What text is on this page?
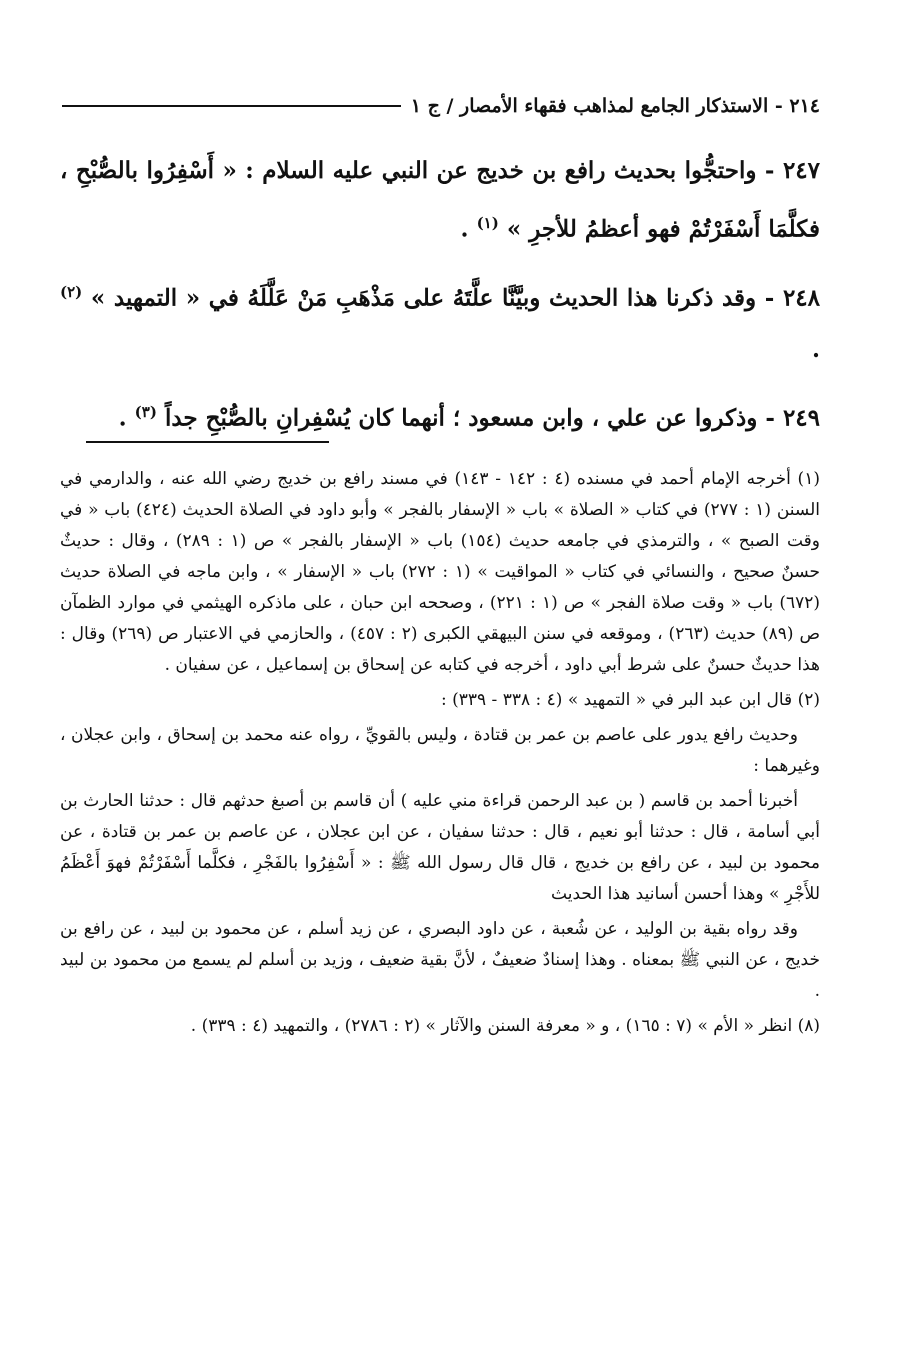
٢١٤ - الاستذكار الجامع لمذاهب فقهاء الأمصار / ج ١

٢٤٧ - واحتجُّوا بحديث رافع بن خديج عن النبي عليه السلام : « أَسْفِرُوا بالصُّبْحِ ، فكلَّمَا أَسْفَرْتُمْ فهو أعظمُ للأجرِ » $^{(١)}$ .

٢٤٨ - وقد ذكرنا هذا الحديث وبيَّنَّا علَّتَهُ على مَذْهَبِ مَنْ عَلَّلَهُ في « التمهيد » $^{(٢)}$ .

٢٤٩ - وذكروا عن علي ، وابن مسعود ؛ أنهما كان يُسْفِرانِ بالصُّبْحِ جداً $^{(٣)}$ .

(١) أخرجه الإمام أحمد في مسنده (٤ : ١٤٢ - ١٤٣) في مسند رافع بن خديج رضي الله عنه ، والدارمي في السنن (١ : ٢٧٧) في كتاب « الصلاة » باب « الإسفار بالفجر » وأبو داود في الصلاة الحديث (٤٢٤) باب « في وقت الصبح » ، والترمذي في جامعه حديث (١٥٤) باب « الإسفار بالفجر » ص (١ : ٢٨٩) ، وقال : حديثٌ حسنٌ صحيح ، والنسائي في كتاب « المواقيت » (١ : ٢٧٢) باب « الإسفار » ، وابن ماجه في الصلاة حديث (٦٧٢) باب « وقت صلاة الفجر » ص (١ : ٢٢١) ، وصححه ابن حبان ، على ماذكره الهيثمي في موارد الظمآن ص (٨٩) حديث (٢٦٣) ، وموقعه في سنن البيهقي الكبرى (٢ : ٤٥٧) ، والحازمي في الاعتبار ص (٢٦٩) وقال : هذا حديثٌ حسنٌ على شرط أبي داود ، أخرجه في كتابه عن إسحاق بن إسماعيل ، عن سفيان .

(٢) قال ابن عبد البر في « التمهيد » (٤ : ٣٣٨ - ٣٣٩) :

وحديث رافع يدور على عاصم بن عمر بن قتادة ، وليس بالقويِّ ، رواه عنه محمد بن إسحاق ، وابن عجلان ، وغيرهما :

أخبرنا أحمد بن قاسم ( بن عبد الرحمن قراءة مني عليه ) أن قاسم بن أصبغ حدثهم قال : حدثنا الحارث بن أبي أسامة ، قال : حدثنا أبو نعيم ، قال : حدثنا سفيان ، عن ابن عجلان ، عن عاصم بن عمر بن قتادة ، عن محمود بن لبيد ، عن رافع بن خديج ، قال قال رسول الله ﷺ : « أَسْفِرُوا بالفَجْرِ ، فكلَّما أَسْفَرْتُمْ فهوَ أَعْظَمُ للأَجْرِ » وهذا أحسن أسانيد هذا الحديث

وقد رواه بقية بن الوليد ، عن شُعبة ، عن داود البصري ، عن زيد أسلم ، عن محمود بن لبيد ، عن رافع بن خديج ، عن النبي ﷺ بمعناه . وهذا إسنادٌ ضعيفٌ ، لأنَّ بقية ضعيف ، وزيد بن أسلم لم يسمع من محمود بن لبيد .

(٨) انظر « الأم » (٧ : ١٦٥) ، و « معرفة السنن والآثار » (٢ : ٢٧٨٦) ، والتمهيد (٤ : ٣٣٩) .
